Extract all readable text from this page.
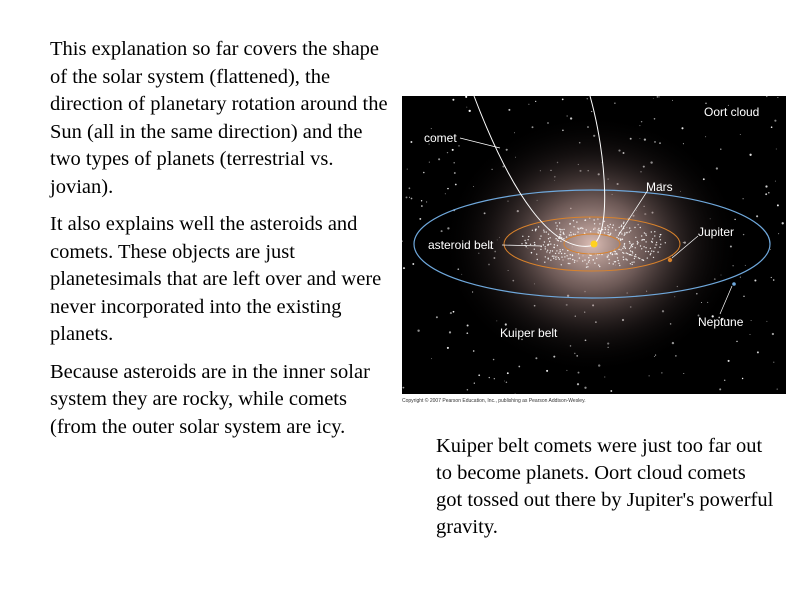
This explanation so far covers the shape of the solar system (flattened), the direction of planetary rotation around the Sun (all in the same direction) and the two types of planets (terrestrial vs. jovian).

It also explains well the asteroids and comets. These objects are just planetesimals that are left over and were never incorporated into the existing planets.

Because asteroids are in the inner solar system they are rocky, while comets (from the outer solar system are icy.

Oort cloud
comet
Mars
Jupiter
asteroid belt
Kuiper belt
Neptune
Copyright © 2007 Pearson Education, Inc., publishing as Pearson Addison-Wesley.

Kuiper belt comets were just too far out to become planets. Oort cloud comets got tossed out there by Jupiter's powerful gravity.
